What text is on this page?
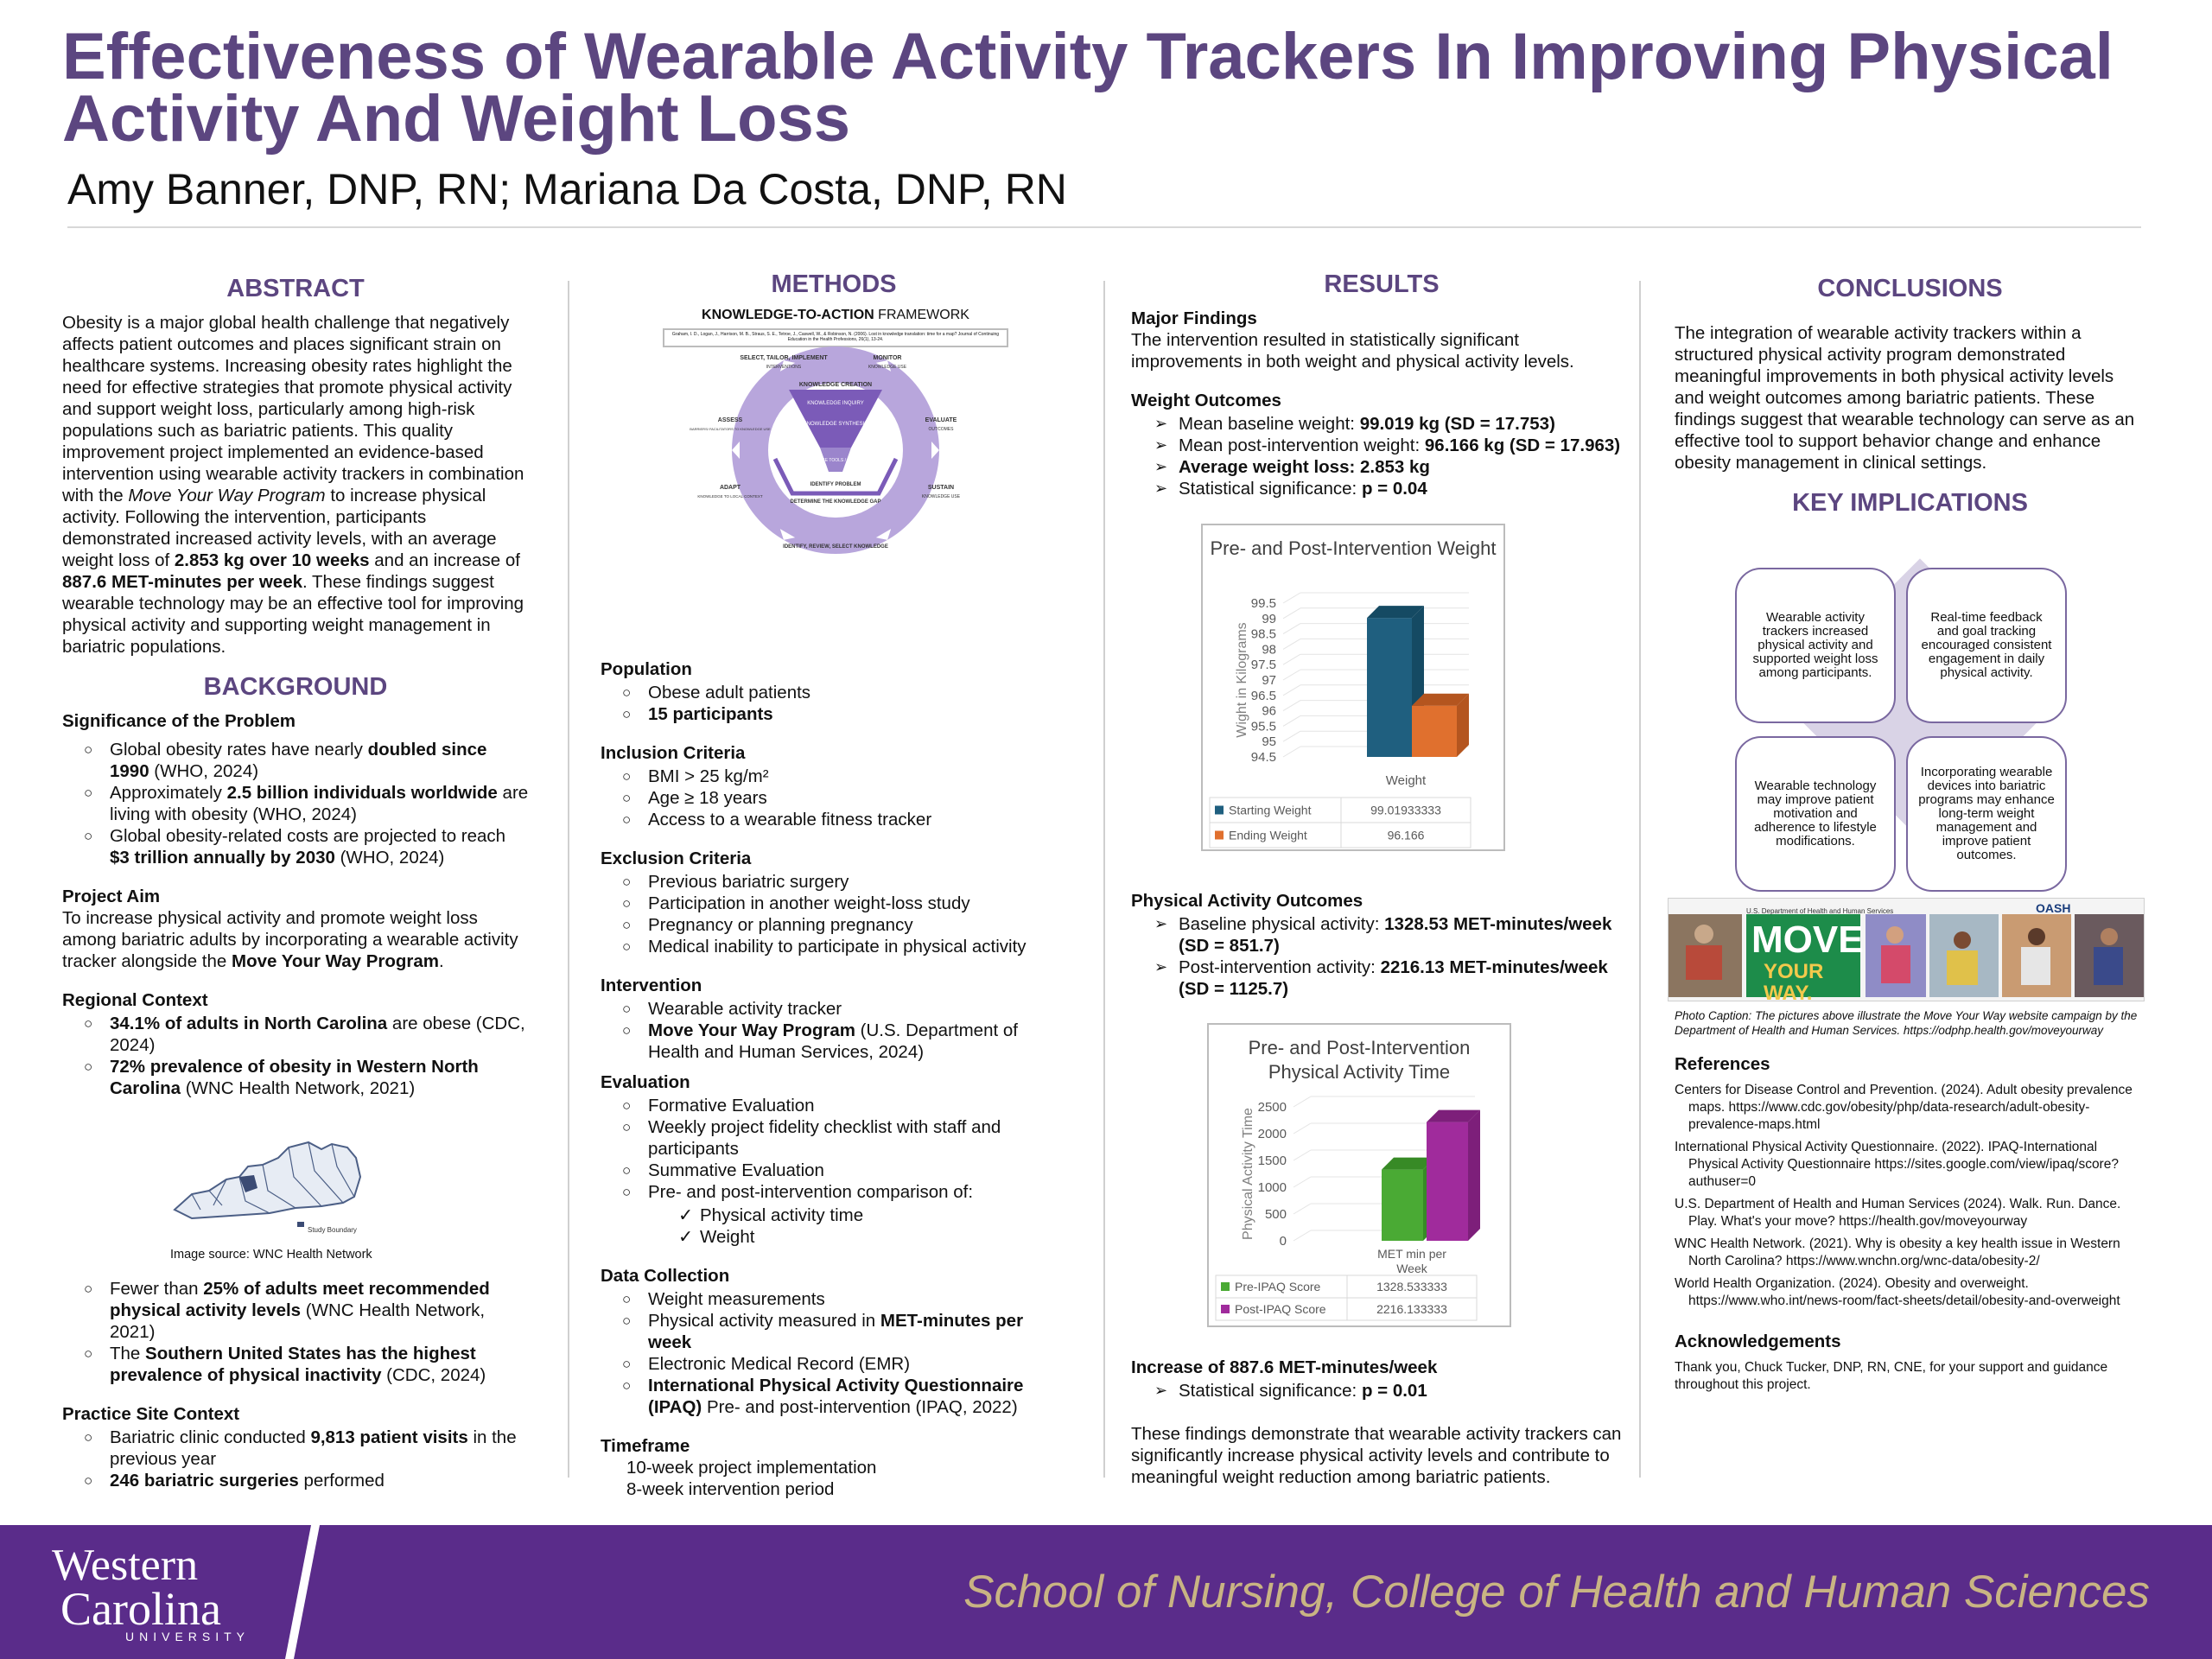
Effectiveness of Wearable Activity Trackers In Improving Physical Activity And Weight Loss
Amy Banner, DNP, RN; Mariana Da Costa, DNP, RN
ABSTRACT

Obesity is a major global health challenge that negatively affects patient outcomes and places significant strain on healthcare systems. Increasing obesity rates highlight the need for effective strategies that promote physical activity and support weight loss, particularly among high-risk populations such as bariatric patients. This quality improvement project implemented an evidence-based intervention using wearable activity trackers in combination with the Move Your Way Program to increase physical activity. Following the intervention, participants demonstrated increased activity levels, with an average weight loss of 2.853 kg over 10 weeks and an increase of 887.6 MET-minutes per week. These findings suggest wearable technology may be an effective tool for improving physical activity and supporting weight management in bariatric populations.

BACKGROUND
Significance of the Problem
○ Global obesity rates have nearly doubled since 1990 (WHO, 2024)
○ Approximately 2.5 billion individuals worldwide are living with obesity (WHO, 2024)
○ Global obesity-related costs are projected to reach $3 trillion annually by 2030 (WHO, 2024)
Project Aim

To increase physical activity and promote weight loss among bariatric adults by incorporating a wearable activity tracker alongside the Move Your Way Program.

Regional Context
○ 34.1% of adults in North Carolina are obese (CDC, 2024)
○ 72% prevalence of obesity in Western North Carolina (WNC Health Network, 2021)
Study Boundary
Image source: WNC Health Network
○ Fewer than 25% of adults meet recommended physical activity levels (WNC Health Network, 2021)
○ The Southern United States has the highest prevalence of physical inactivity (CDC, 2024)
Practice Site Context
○ Bariatric clinic conducted 9,813 patient visits in the previous year
○ 246 bariatric surgeries performed
METHODS
KNOWLEDGE-TO-ACTION FRAMEWORK
Graham, I. D., Logan, J., Harrison, M. B., Straus, S. E., Tetroe, J., Caswell, W., & Robinson, N. (2006). Lost in knowledge translation: time for a map? Journal of Continuing Education in the Health Professions, 26(1), 13-24.
KNOWLEDGE CREATION
KNOWLEDGE INQUIRY
KNOWLEDGE SYNTHESIS
KNOWLEDGE TOOLS / PRODUCTS
IDENTIFY PROBLEM
DETERMINE THE KNOWLEDGE GAP
IDENTIFY, REVIEW, SELECT KNOWLEDGE
SELECT, TAILOR, IMPLEMENT
INTERVENTIONS
MONITOR
KNOWLEDGE USE
EVALUATE
OUTCOMES
SUSTAIN
KNOWLEDGE USE
ADAPT
KNOWLEDGE TO LOCAL CONTEXT
ASSESS
BARRIERS/ FACILITATORS TO KNOWLEDGE USE
Population
○ Obese adult patients
○ 15 participants
Inclusion Criteria
○ BMI > 25 kg/m²
○ Age ≥ 18 years
○ Access to a wearable fitness tracker
Exclusion Criteria
○ Previous bariatric surgery
○ Participation in another weight-loss study
○ Pregnancy or planning pregnancy
○ Medical inability to participate in physical activity
Intervention
○ Wearable activity tracker
○ Move Your Way Program (U.S. Department of Health and Human Services, 2024)
Evaluation
○ Formative Evaluation
○ Weekly project fidelity checklist with staff and participants
○ Summative Evaluation
○ Pre- and post-intervention comparison of:
✓ Physical activity time
✓ Weight
Data Collection
○ Weight measurements
○ Physical activity measured in MET-minutes per week
○ Electronic Medical Record (EMR)
○ International Physical Activity Questionnaire (IPAQ) Pre- and post-intervention (IPAQ, 2022)
Timeframe
10-week project implementation
8-week intervention period
RESULTS
Major Findings

The intervention resulted in statistically significant improvements in both weight and physical activity levels.

Weight Outcomes
➢ Mean baseline weight: 99.019 kg (SD = 17.753)
➢ Mean post-intervention weight: 96.166 kg (SD = 17.963)
➢ Average weight loss: 2.853 kg
➢ Statistical significance: p = 0.04
Pre- and Post-Intervention Weight
99.5
99
98.5
98
97.5
97
96.5
96
95.5
95
94.5
Wight in Kilograms
Weight
Starting Weight	99.01933333
Ending Weight	96.166
Physical Activity Outcomes
➢ Baseline physical activity: 1328.53 MET-minutes/week (SD = 851.7)
➢ Post-intervention activity: 2216.13 MET-minutes/week (SD = 1125.7)
Pre- and Post-Intervention
Physical Activity Time
2500
2000
1500
1000
500
0
Physical Activity Time
MET min per
Week
Pre-IPAQ Score	1328.533333
Post-IPAQ Score	2216.133333
Increase of 887.6 MET-minutes/week
➢ Statistical significance: p = 0.01

These findings demonstrate that wearable activity trackers can significantly increase physical activity levels and contribute to meaningful weight reduction among bariatric patients.

CONCLUSIONS

The integration of wearable activity trackers within a structured physical activity program demonstrated meaningful improvements in both physical activity levels and weight outcomes among bariatric patients. These findings suggest that wearable technology can serve as an effective tool to support behavior change and enhance obesity management in clinical settings.

KEY IMPLICATIONS
Wearable activity trackers increased physical activity and supported weight loss among participants.
Real-time feedback and goal tracking encouraged consistent engagement in daily physical activity.
Wearable technology may improve patient motivation and adherence to lifestyle modifications.
Incorporating wearable devices into bariatric programs may enhance long-term weight management and improve patient outcomes.
MOVE
YOUR WAY.
U.S. Department of Health and Human Services	OASH
Photo Caption: The pictures above illustrate the Move Your Way website campaign by the Department of Health and Human Services. https://odphp.health.gov/moveyourway
References
Centers for Disease Control and Prevention. (2024). Adult obesity prevalence maps. https://www.cdc.gov/obesity/php/data-research/adult-obesity-prevalence-maps.html
International Physical Activity Questionnaire. (2022). IPAQ-International Physical Activity Questionnaire https://sites.google.com/view/ipaq/score?authuser=0
U.S. Department of Health and Human Services (2024). Walk. Run. Dance. Play. What's your move? https://health.gov/moveyourway
WNC Health Network. (2021). Why is obesity a key health issue in Western North Carolina? https://www.wnchn.org/wnc-data/obesity-2/
World Health Organization. (2024). Obesity and overweight. https://www.who.int/news-room/fact-sheets/detail/obesity-and-overweight
Acknowledgements
Thank you, Chuck Tucker, DNP, RN, CNE, for your support and guidance throughout this project.
Western
Carolina
UNIVERSITY
School of Nursing, College of Health and Human Sciences
